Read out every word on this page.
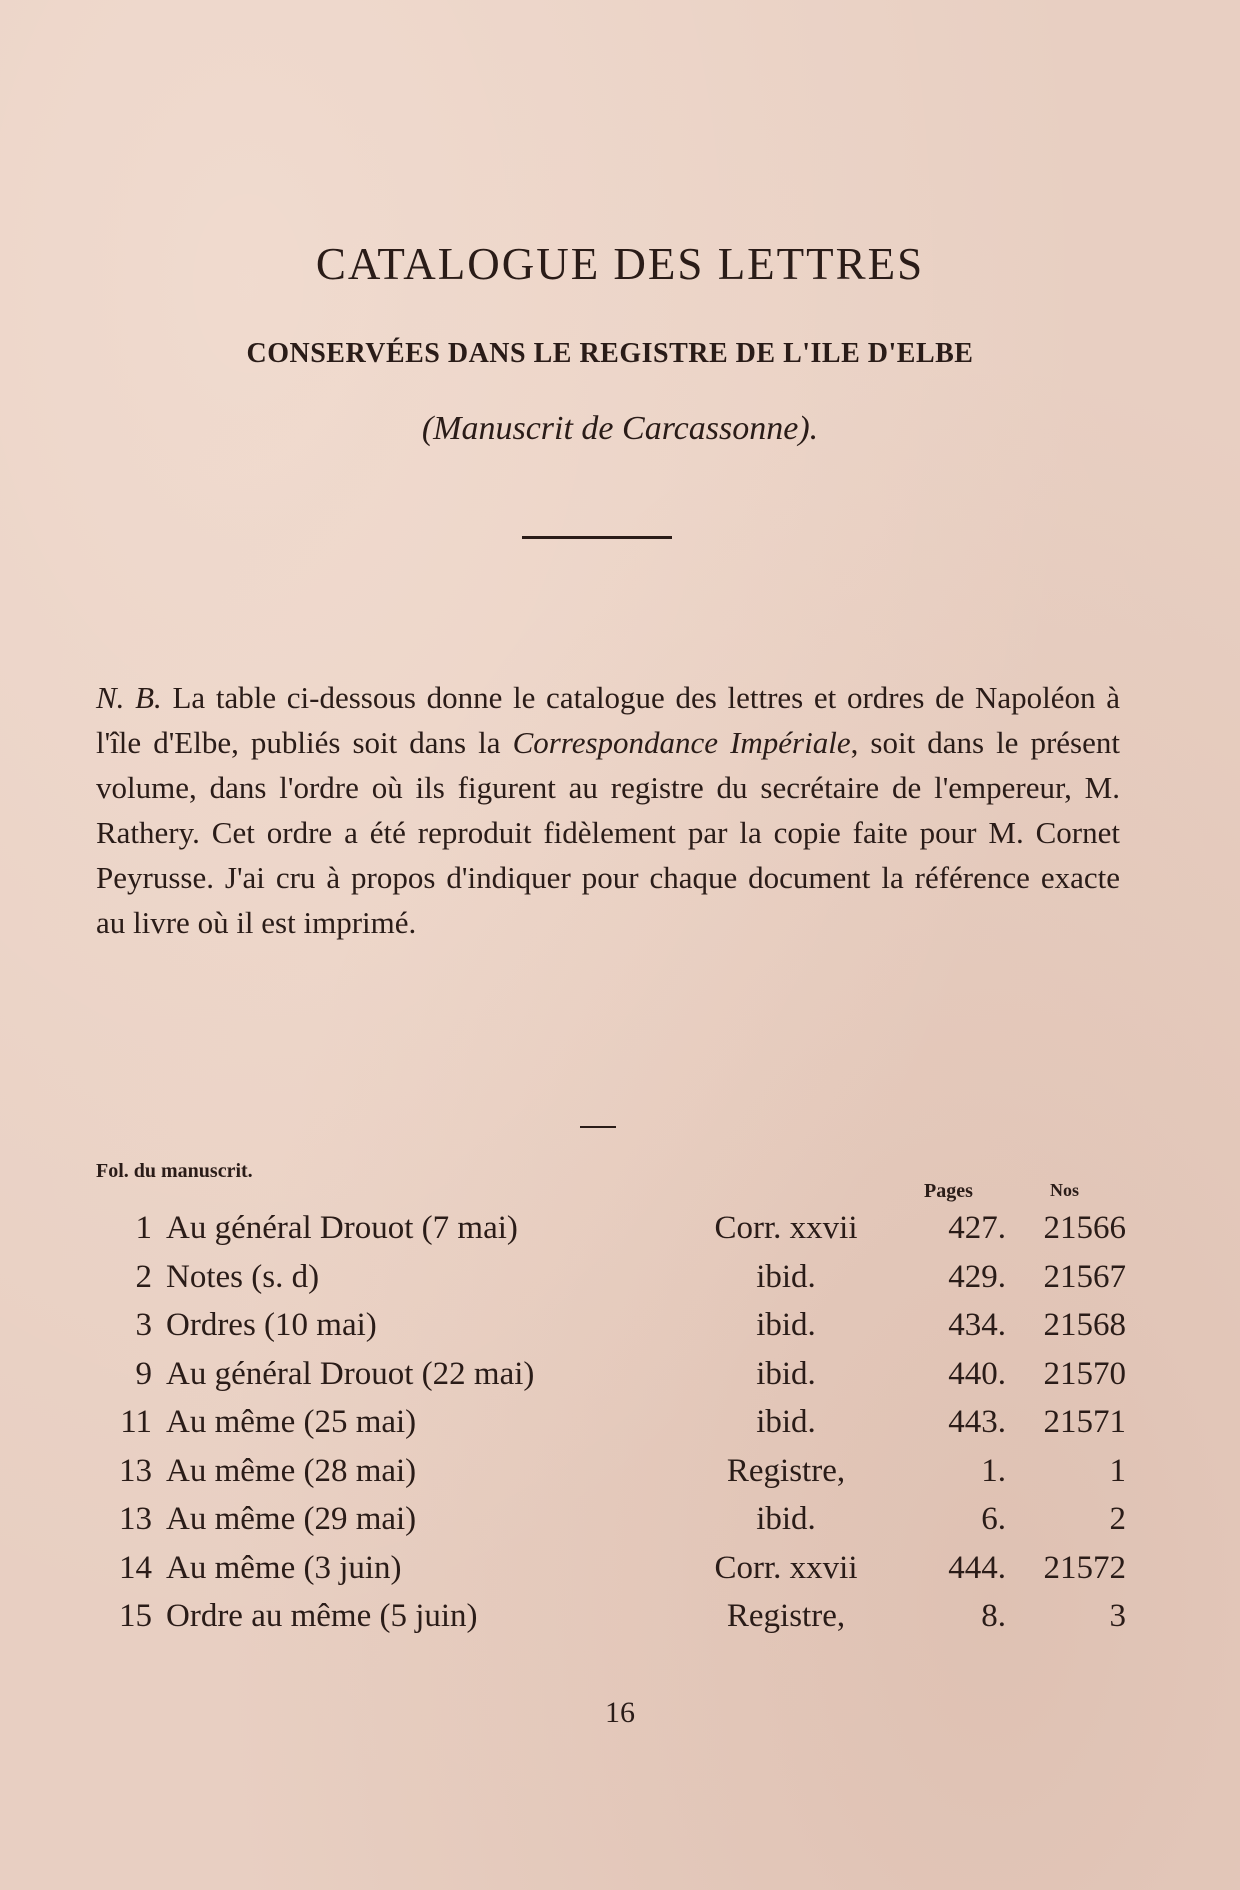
CATALOGUE DES LETTRES
CONSERVÉES DANS LE REGISTRE DE L'ILE D'ELBE
(Manuscrit de Carcassonne).
N. B. La table ci-dessous donne le catalogue des lettres et ordres de Napoléon à l'île d'Elbe, publiés soit dans la Correspondance Impériale, soit dans le présent volume, dans l'ordre où ils figurent au registre du secrétaire de l'empereur, M. Rathery. Cet ordre a été reproduit fidèlement par la copie faite pour M. Cornet Peyrusse. J'ai cru à propos d'indiquer pour chaque document la référence exacte au livre où il est imprimé.
Fol. du manuscrit.
Pages	Nos
1 Au général Drouot (7 mai)	Corr. xxvii	427.	21566
2 Notes (s. d)	ibid.	429.	21567
3 Ordres (10 mai)	ibid.	434.	21568
9 Au général Drouot (22 mai)	ibid.	440.	21570
11 Au même (25 mai)	ibid.	443.	21571
13 Au même (28 mai)	Registre,	1.	1
13 Au même (29 mai)	ibid.	6.	2
14 Au même (3 juin)	Corr. xxvii	444.	21572
15 Ordre au même (5 juin)	Registre,	8.	3
16
